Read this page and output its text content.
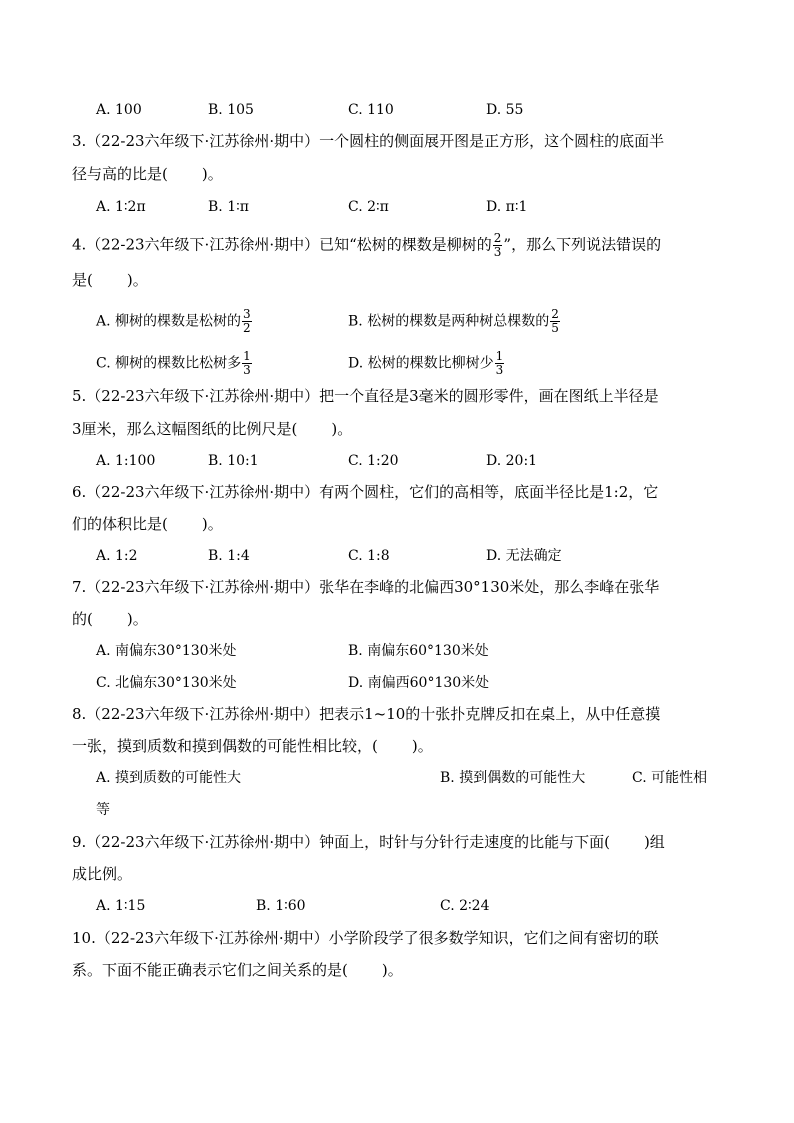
A. 100	B. 105	C. 110	D. 55
3.（22-23六年级下·江苏徐州·期中）一个圆柱的侧面展开图是正方形，这个圆柱的底面半
径与高的比是( )。
A. 1∶2π	B. 1∶π	C. 2∶π	D. π∶1
4.（22-23六年级下·江苏徐州·期中）已知“松树的棵数是柳树的 $\frac{2}{3}$ ”，那么下列说法错误的
是( )。
A. 柳树的棵数是松树的 $\frac{3}{2}$	B. 松树的棵数是两种树总棵数的 $\frac{2}{5}$
C. 柳树的棵数比松树多 $\frac{1}{3}$	D. 松树的棵数比柳树少 $\frac{1}{3}$
5.（22-23六年级下·江苏徐州·期中）把一个直径是3毫米的圆形零件，画在图纸上半径是
3厘米，那么这幅图纸的比例尺是( )。
A. 1:100	B. 10:1	C. 1:20	D. 20:1
6.（22-23六年级下·江苏徐州·期中）有两个圆柱，它们的高相等，底面半径比是1:2，它
们的体积比是( )。
A. 1:2	B. 1:4	C. 1:8	D. 无法确定
7.（22-23六年级下·江苏徐州·期中）张华在李峰的北偏西30°130米处，那么李峰在张华
的( )。
A. 南偏东30°130米处	B. 南偏东60°130米处
C. 北偏东30°130米处	D. 南偏西60°130米处
8.（22-23六年级下·江苏徐州·期中）把表示1~10的十张扑克牌反扣在桌上，从中任意摸
一张，摸到质数和摸到偶数的可能性相比较，( )。
A. 摸到质数的可能性大	B. 摸到偶数的可能性大	C. 可能性相
等
9.（22-23六年级下·江苏徐州·期中）钟面上，时针与分针行走速度的比能与下面( )组
成比例。
A. 1∶15	B. 1∶60	C. 2∶24
10.（22-23六年级下·江苏徐州·期中）小学阶段学了很多数学知识，它们之间有密切的联
系。下面不能正确表示它们之间关系的是( )。
